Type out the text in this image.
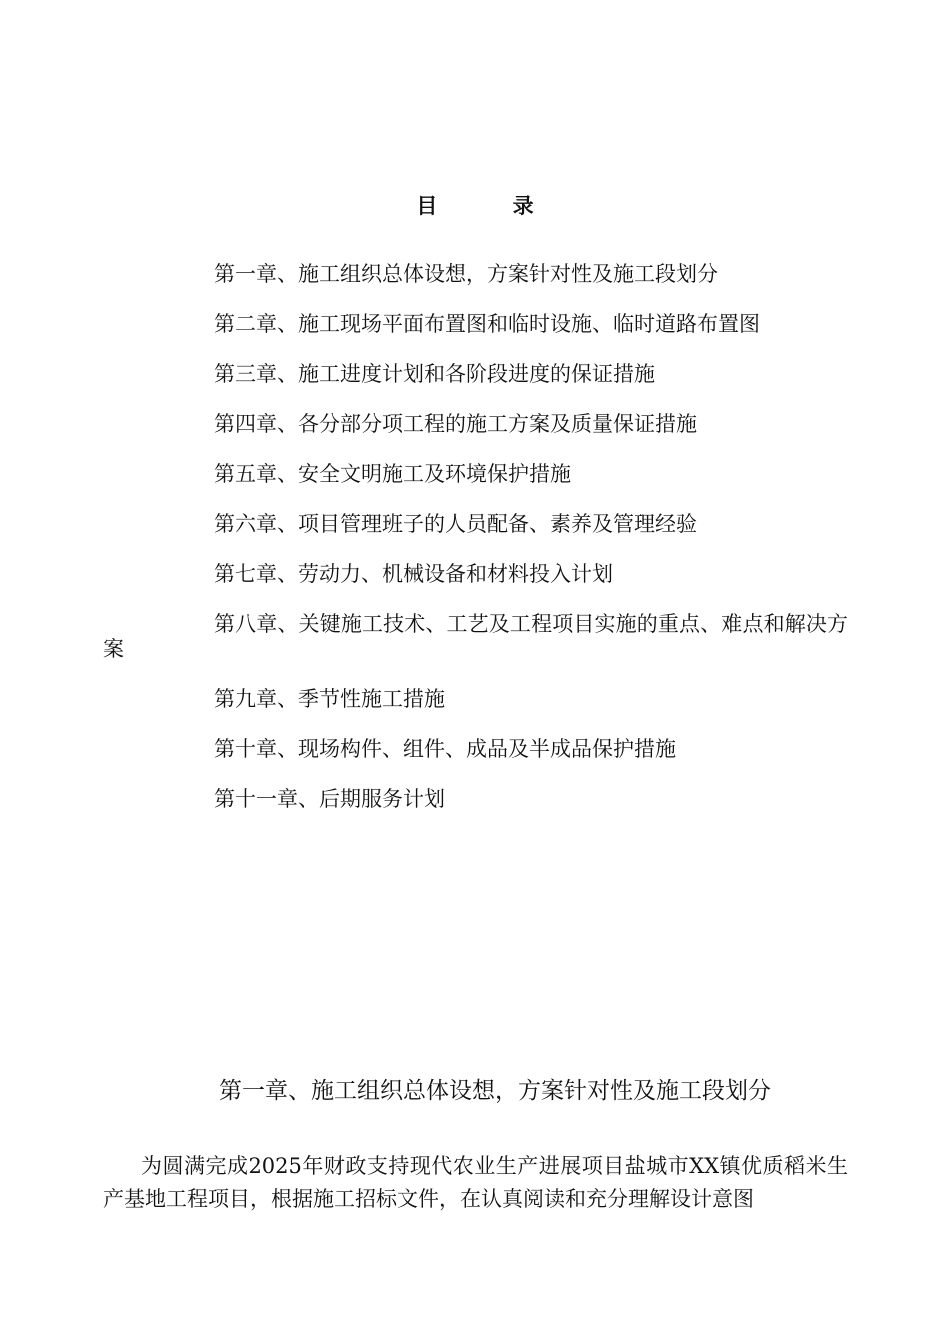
目 录
第一章、施工组织总体设想，方案针对性及施工段划分
第二章、施工现场平面布置图和临时设施、临时道路布置图
第三章、施工进度计划和各阶段进度的保证措施
第四章、各分部分项工程的施工方案及质量保证措施
第五章、安全文明施工及环境保护措施
第六章、项目管理班子的人员配备、素养及管理经验
第七章、劳动力、机械设备和材料投入计划
第八章、关键施工技术、工艺及工程项目实施的重点、难点和解决方案
第九章、季节性施工措施
第十章、现场构件、组件、成品及半成品保护措施
第十一章、后期服务计划
第一章、施工组织总体设想，方案针对性及施工段划分

为圆满完成2025年财政支持现代农业生产进展项目盐城市XX镇优质稻米生产基地工程项目，根据施工招标文件，在认真阅读和充分理解设计意图
